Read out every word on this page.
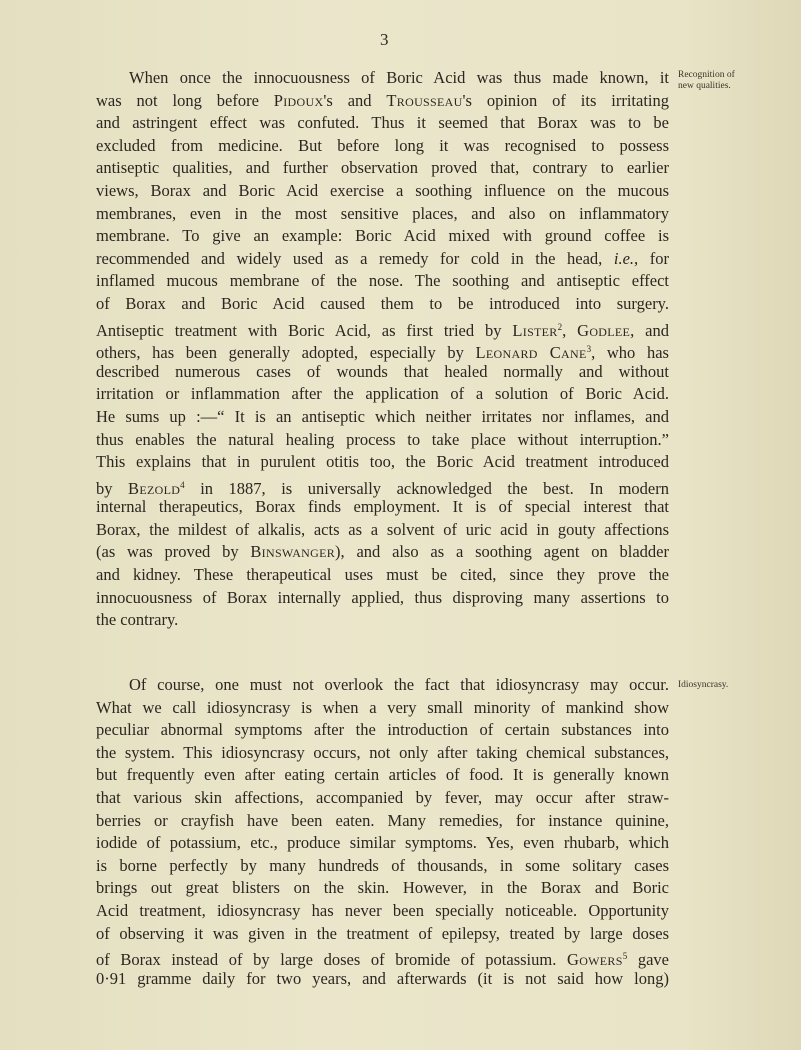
3
When once the innocuousness of Boric Acid was thus made known, it
was not long before Pidoux's and Trousseau's opinion of its irritating
and astringent effect was confuted. Thus it seemed that Borax was to be
excluded from medicine. But before long it was recognised to possess
antiseptic qualities, and further observation proved that, contrary to earlier
views, Borax and Boric Acid exercise a soothing influence on the mucous
membranes, even in the most sensitive places, and also on inflammatory
membrane. To give an example: Boric Acid mixed with ground coffee is
recommended and widely used as a remedy for cold in the head, i.e., for
inflamed mucous membrane of the nose. The soothing and antiseptic effect
of Borax and Boric Acid caused them to be introduced into surgery.
Antiseptic treatment with Boric Acid, as first tried by Lister$^2$, Godlee, and
others, has been generally adopted, especially by Leonard Cane$^3$, who has
described numerous cases of wounds that healed normally and without
irritation or inflammation after the application of a solution of Boric Acid.
He sums up :—“ It is an antiseptic which neither irritates nor inflames, and
thus enables the natural healing process to take place without interruption.”
This explains that in purulent otitis too, the Boric Acid treatment introduced
by Bezold$^4$ in 1887, is universally acknowledged the best. In modern
internal therapeutics, Borax finds employment. It is of special interest that
Borax, the mildest of alkalis, acts as a solvent of uric acid in gouty affections
(as was proved by Binswanger), and also as a soothing agent on bladder
and kidney. These therapeutical uses must be cited, since they prove the
innocuousness of Borax internally applied, thus disproving many assertions to
the contrary.
Recognition of
new qualities.
Of course, one must not overlook the fact that idiosyncrasy may occur.
What we call idiosyncrasy is when a very small minority of mankind show
peculiar abnormal symptoms after the introduction of certain substances into
the system. This idiosyncrasy occurs, not only after taking chemical substances,
but frequently even after eating certain articles of food. It is generally known
that various skin affections, accompanied by fever, may occur after straw-
berries or crayfish have been eaten. Many remedies, for instance quinine,
iodide of potassium, etc., produce similar symptoms. Yes, even rhubarb, which
is borne perfectly by many hundreds of thousands, in some solitary cases
brings out great blisters on the skin. However, in the Borax and Boric
Acid treatment, idiosyncrasy has never been specially noticeable. Opportunity
of observing it was given in the treatment of epilepsy, treated by large doses
of Borax instead of by large doses of bromide of potassium. Gowers$^5$ gave
0·91 gramme daily for two years, and afterwards (it is not said how long)
Idiosyncrasy.
